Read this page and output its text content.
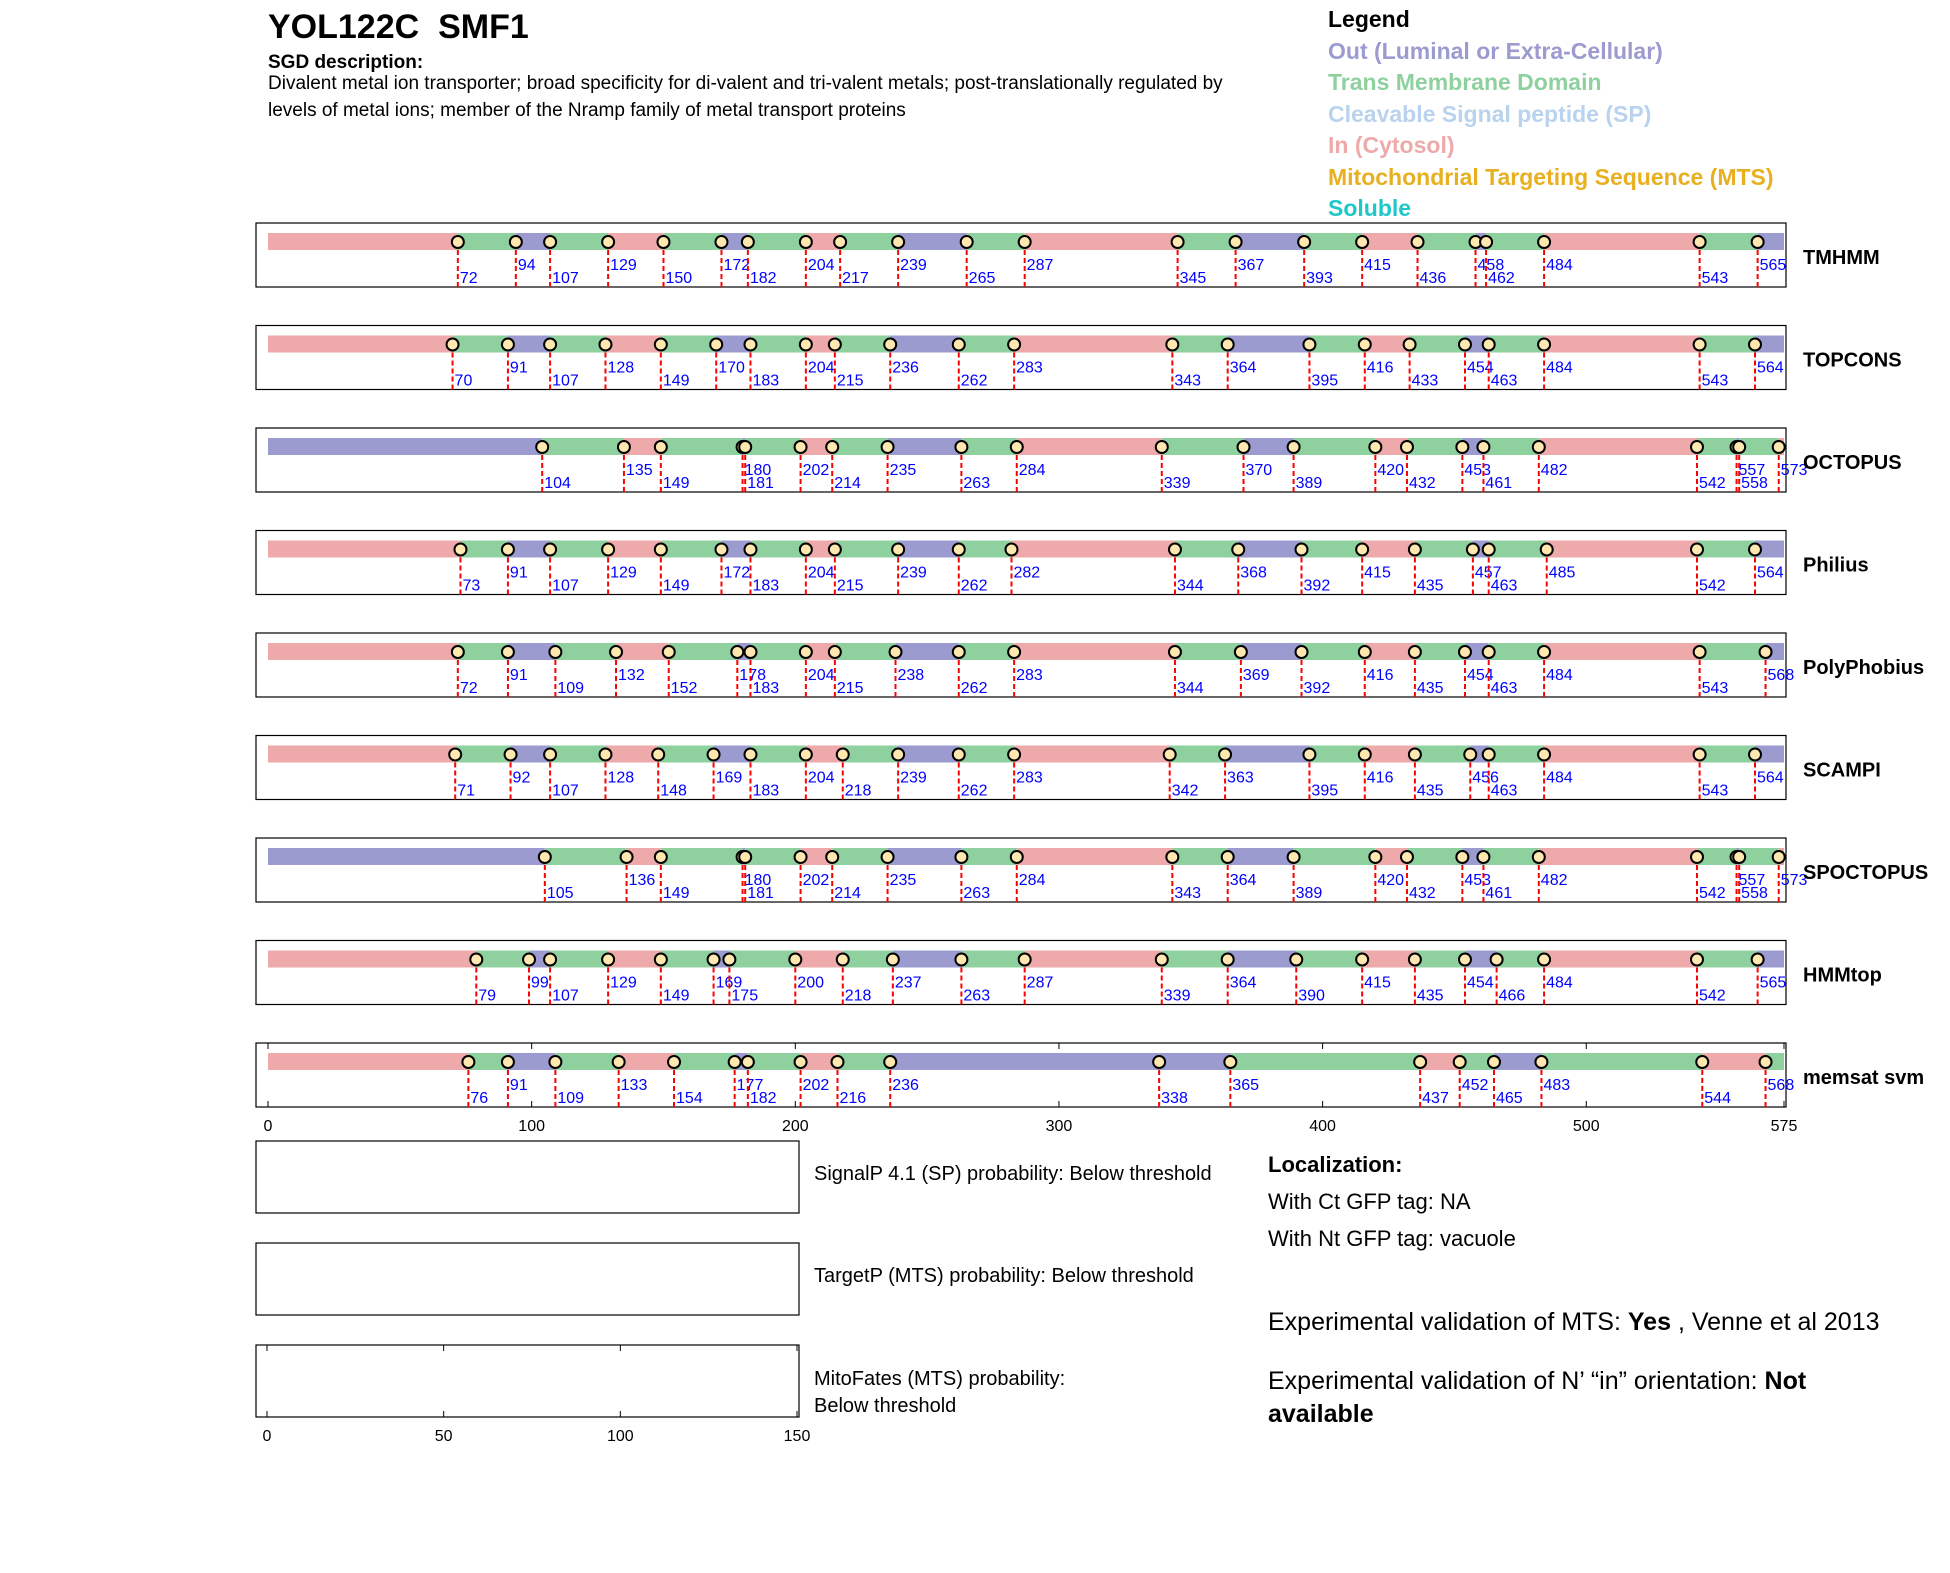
YOL122C SMF1
SGD description:
Divalent metal ion transporter; broad specificity for di-valent and tri-valent metals; post-translationally regulated by levels of metal ions; member of the Nramp family of metal transport proteins
Legend
Out (Luminal or Extra-Cellular)
Trans Membrane Domain
Cleavable Signal peptide (SP)
In (Cytosol)
Mitochondrial Targeting Sequence (MTS)
Soluble
72
94
107
129
150
172
182
204
217
239
265
287
345
367
393
415
436
458
462
484
543
565 TMHMM
70
91
107
128
149
170
183
204
215
236
262
283
343
364
395
416
433
454
463
484
543
564 TOPCONS
104
135
149
180
181
202
214
235
263
284
339
370
389
420
432
453
461
482
542
557
558
573
OCTOPUS
73
91
107
129
149
172
183
204
215
239
262
282
344
368
392
415
435
457
463
485
542
564 Philius
72
91
109
132
152
178
183
204
215
238
262
283
344
369
392
416
435
454
463
484
543
568 PolyPhobius
71
92
107
128
148
169
183
204
218
239
262
283
342
363
395
416
435
456
463
484
543
564 SCAMPI
105
136
149
180
181
202
214
235
263
284
343
364
389
420
432
453
461
482
542
557
558
573
SPOCTOPUS
79
99
107
129
149
169
175
200
218
237
263
287
339
364
390
415
435
454
466
484
542
565 HMMtop
76
91
109
133
154
177
182
202
216
236
338
365
437
452
465
483
544
568 memsat svm
0	100	200	300	400	500	575
SignalP 4.1 (SP) probability: Below threshold
TargetP (MTS) probability: Below threshold
MitoFates (MTS) probability:
Below threshold
0	50	100	150
Localization:
With Ct GFP tag: NA
With Nt GFP tag: vacuole
Experimental validation of MTS: Yes , Venne et al 2013
Experimental validation of N’ “in” orientation: Not available
